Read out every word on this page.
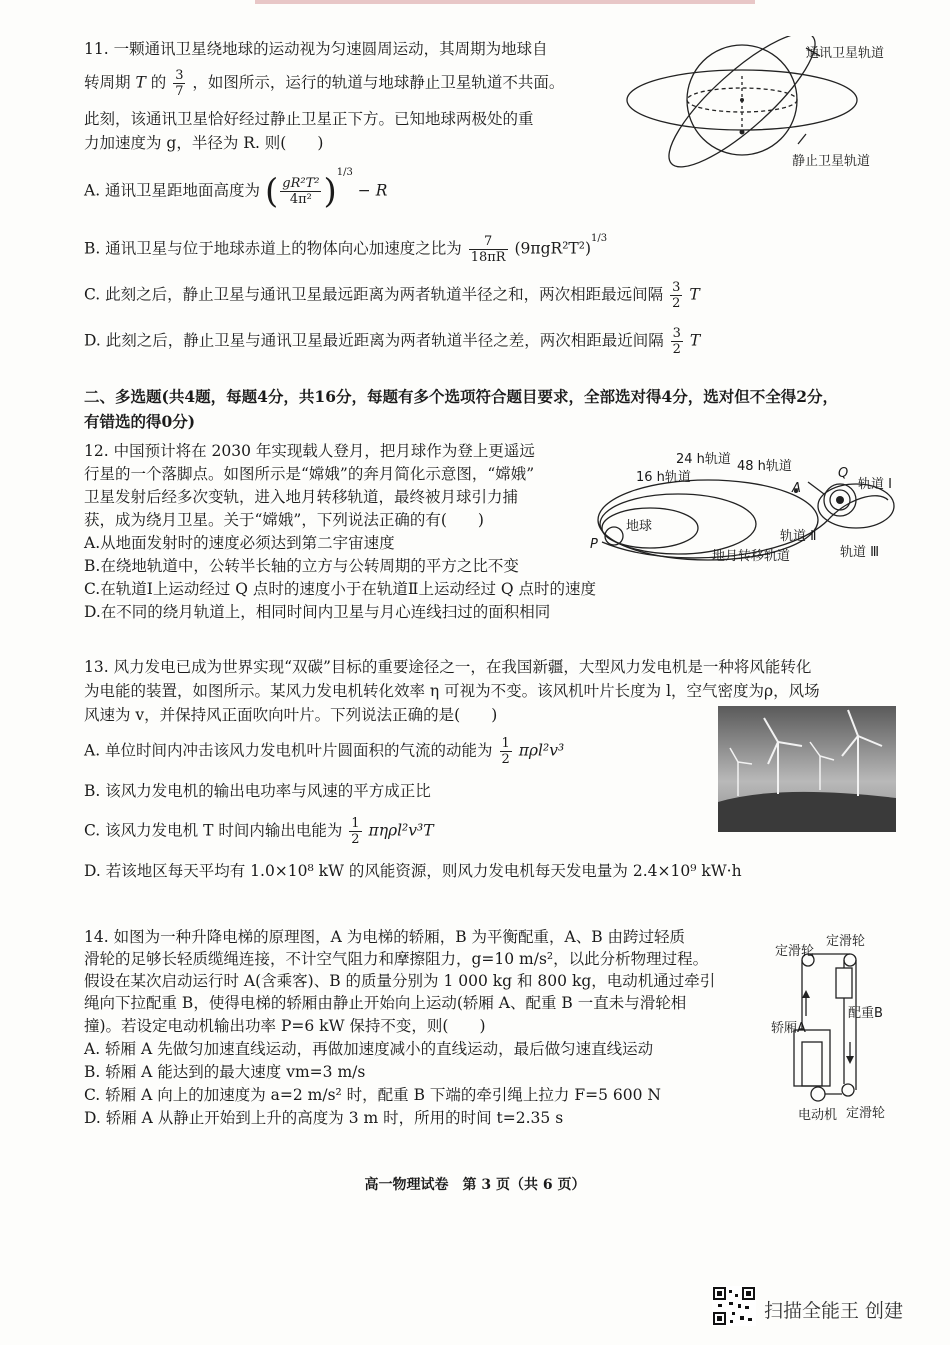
11. 一颗通讯卫星绕地球的运动视为匀速圆周运动，其周期为地球自
转周期 T 的 $\frac{3}{7}$ ，如图所示，运行的轨道与地球静止卫星轨道不共面。
此刻，该通讯卫星恰好经过静止卫星正下方。已知地球两极处的重
力加速度为 g，半径为 R. 则(　　)
A. 通讯卫星距地面高度为 ( $\frac{\text{gR²T²}}{\text{4π²}} )^{1/3} - R$
B. 通讯卫星与位于地球赤道上的物体向心加速度之比为 $\frac{7}{18\pi R} (9\pi gR^2T^2)^{1/3}$
C. 此刻之后，静止卫星与通讯卫星最远距离为两者轨道半径之和，两次相距最远间隔 $\frac{3}{2}$ T
D. 此刻之后，静止卫星与通讯卫星最近距离为两者轨道半径之差，两次相距最近间隔 $\frac{3}{2}$ T
通讯卫星轨道
静止卫星轨道
二、多选题(共4题，每题4分，共16分，每题有多个选项符合题目要求，全部选对得4分，选对但不全得2分，
有错选的得0分)
12. 中国预计将在 2030 年实现载人登月，把月球作为登上更遥远
行星的一个落脚点。如图所示是“嫦娥”的奔月简化示意图，“嫦娥”
卫星发射后经多次变轨，进入地月转移轨道，最终被月球引力捕
获，成为绕月卫星。关于“嫦娥”，下列说法正确的有(　　)
A.从地面发射时的速度必须达到第二宇宙速度
B.在绕地轨道中，公转半长轴的立方与公转周期的平方之比不变
C.在轨道Ⅰ上运动经过 Q 点时的速度小于在轨道Ⅱ上运动经过 Q 点时的速度
D.在不同的绕月轨道上，相同时间内卫星与月心连线扫过的面积相同
16 h轨道
24 h轨道 48 h轨道
地球
P
A
Q
轨道 Ⅰ
轨道 Ⅱ
轨道 Ⅲ
地月转移轨道
13. 风力发电已成为世界实现“双碳”目标的重要途径之一，在我国新疆，大型风力发电机是一种将风能转化
为电能的装置，如图所示。某风力发电机转化效率 η 可视为不变。该风机叶片长度为 l，空气密度为ρ，风场
风速为 v，并保持风正面吹向叶片。下列说法正确的是(　　)
A. 单位时间内冲击该风力发电机叶片圆面积的气流的动能为 $\frac{1}{2} \pi\rho l^2v^3$
B. 该风力发电机的输出电功率与风速的平方成正比
C. 该风力发电机 T 时间内输出电能为 $\frac{1}{2} \pi\eta\rho l^2v^3T$
D. 若该地区每天平均有 1.0×10⁸ kW 的风能资源，则风力发电机每天发电量为 2.4×10⁹ kW·h
14. 如图为一种升降电梯的原理图，A 为电梯的轿厢，B 为平衡配重，A、B 由跨过轻质
滑轮的足够长轻质缆绳连接，不计空气阻力和摩擦阻力，g=10 m/s²，以此分析物理过程。
假设在某次启动运行时 A(含乘客)、B 的质量分别为 1 000 kg 和 800 kg，电动机通过牵引
绳向下拉配重 B，使得电梯的轿厢由静止开始向上运动(轿厢 A、配重 B 一直未与滑轮相
撞)。若设定电动机输出功率 P=6 kW 保持不变，则(　　)
A. 轿厢 A 先做匀加速直线运动，再做加速度减小的直线运动，最后做匀速直线运动
B. 轿厢 A 能达到的最大速度 vm=3 m/s
C. 轿厢 A 向上的加速度为 a=2 m/s² 时，配重 B 下端的牵引绳上拉力 F=5 600 N
D. 轿厢 A 从静止开始到上升的高度为 3 m 时，所用的时间 t=2.35 s
定滑轮
定滑轮
配重B
轿厢A
电动机 定滑轮
高一物理试卷　第 3 页（共 6 页）
扫描全能王 创建
